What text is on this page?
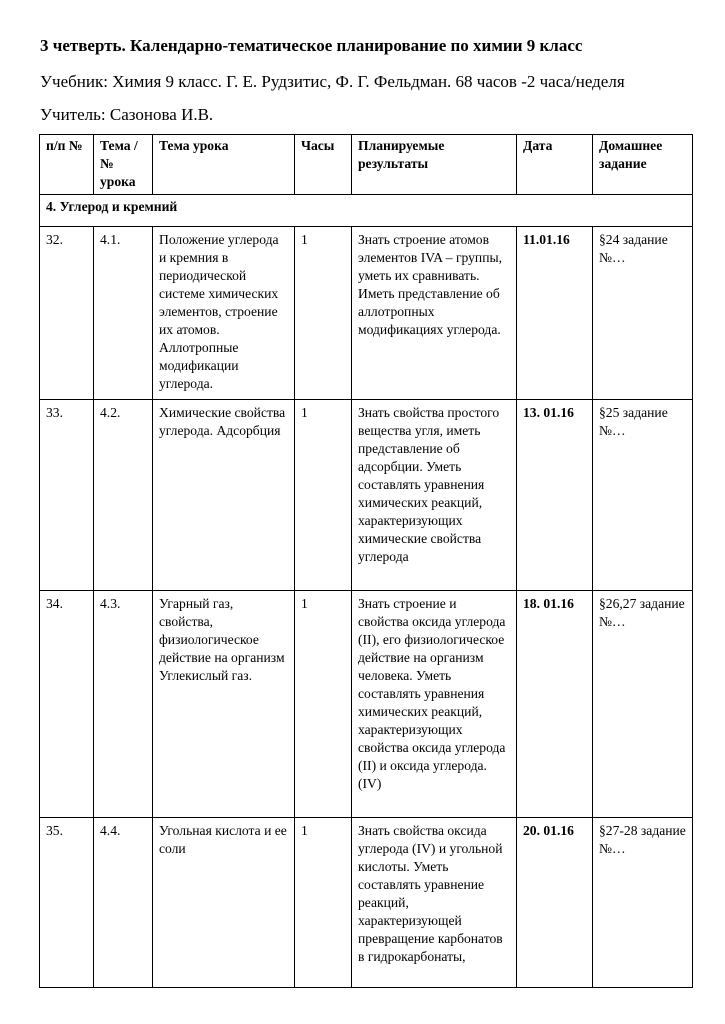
3 четверть. Календарно-тематическое планирование по химии 9 класс
Учебник: Химия 9 класс. Г. Е. Рудзитис, Ф. Г. Фельдман. 68 часов -2 часа/неделя
Учитель: Сазонова И.В.
п/п №	Тема / № урока	Тема урока	Часы	Планируемые результаты	Дата	Домашнее задание
4. Углерод и кремний						
32.	4.1.	Положение углерода и кремния в периодической системе химических элементов, строение их атомов. Аллотропные модификации углерода.	1	Знать строение атомов элементов IVA – группы, уметь их сравнивать. Иметь представление об аллотропных модификациях углерода.	11.01.16	§24 задание №…
33.	4.2.	Химические свойства углерода. Адсорбция	1	Знать свойства простого вещества угля, иметь представление об адсорбции. Уметь составлять уравнения химических реакций, характеризующих химические свойства углерода	13. 01.16	§25 задание №…
34.	4.3.	Угарный газ, свойства, физиологическое действие на организм Углекислый газ.	1	Знать строение и свойства оксида углерода (II), его физиологическое действие на организм человека. Уметь составлять уравнения химических реакций, характеризующих свойства оксида углерода (II) и оксида углерода.(IV)	18. 01.16	§26,27 задание №…
35.	4.4.	Угольная кислота и ее соли	1	Знать свойства оксида углерода (IV) и угольной кислоты. Уметь составлять уравнение реакций, характеризующей превращение карбонатов в гидрокарбонаты,	20. 01.16	§27-28 задание №…
